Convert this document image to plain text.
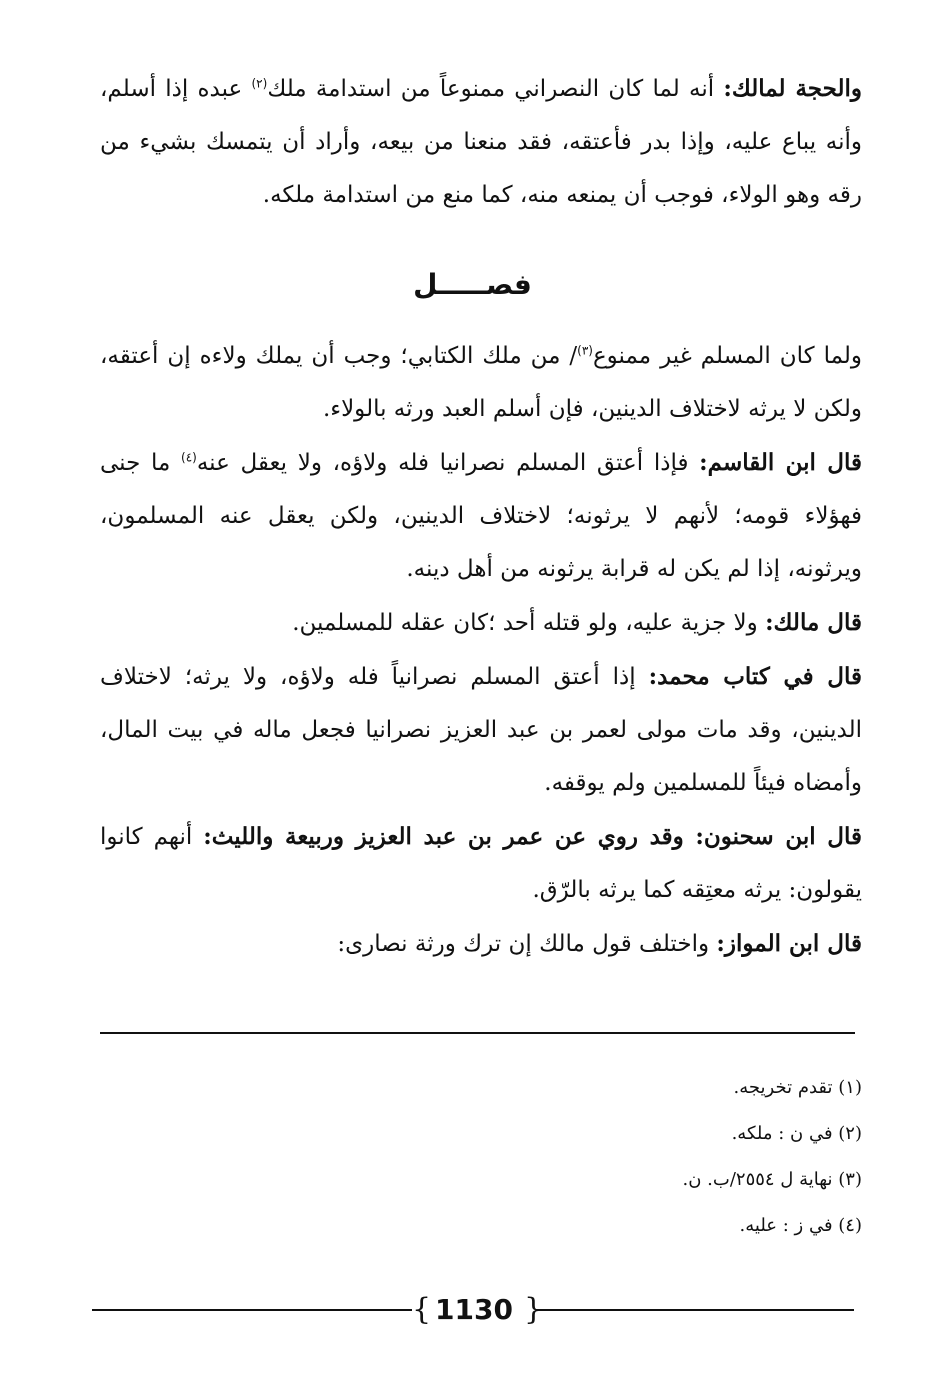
والحجة لمالك: أنه لما كان النصراني ممنوعاً من استدامة ملك$^{(٢)}$ عبده إذا أسلم، وأنه يباع عليه، وإذا بدر فأعتقه، فقد منعنا من بيعه، وأراد أن يتمسك بشيء من رقه وهو الولاء، فوجب أن يمنعه منه، كما منع من استدامة ملكه.

فصـــــل

ولما كان المسلم غير ممنوع$^{(٣)}$/ من ملك الكتابي؛ وجب أن يملك ولاءه إن أعتقه، ولكن لا يرثه لاختلاف الدينين، فإن أسلم العبد ورثه بالولاء.

قال ابن القاسم: فإذا أعتق المسلم نصرانيا فله ولاؤه، ولا يعقل عنه$^{(٤)}$ ما جنى فهؤلاء قومه؛ لأنهم لا يرثونه؛ لاختلاف الدينين، ولكن يعقل عنه المسلمون، ويرثونه، إذا لم يكن له قرابة يرثونه من أهل دينه.

قال مالك: ولا جزية عليه، ولو قتله أحد ؛كان عقله للمسلمين.

قال في كتاب محمد: إذا أعتق المسلم نصرانياً فله ولاؤه، ولا يرثه؛ لاختلاف الدينين، وقد مات مولى لعمر بن عبد العزيز نصرانيا فجعل ماله في بيت المال، وأمضاه فيئاً للمسلمين ولم يوقفه.

قال ابن سحنون: وقد روي عن عمر بن عبد العزيز وربيعة والليث: أنهم كانوا يقولون: يرثه معتِقه كما يرثه بالرّق.

قال ابن المواز: واختلف قول مالك إن ترك ورثة نصارى:

(١) تقدم تخريجه.

(٢) في ن : ملكه.

(٣) نهاية ل ٢٥٥٤/ب. ن.

(٤) في ز : عليه.

{ 1130 }
